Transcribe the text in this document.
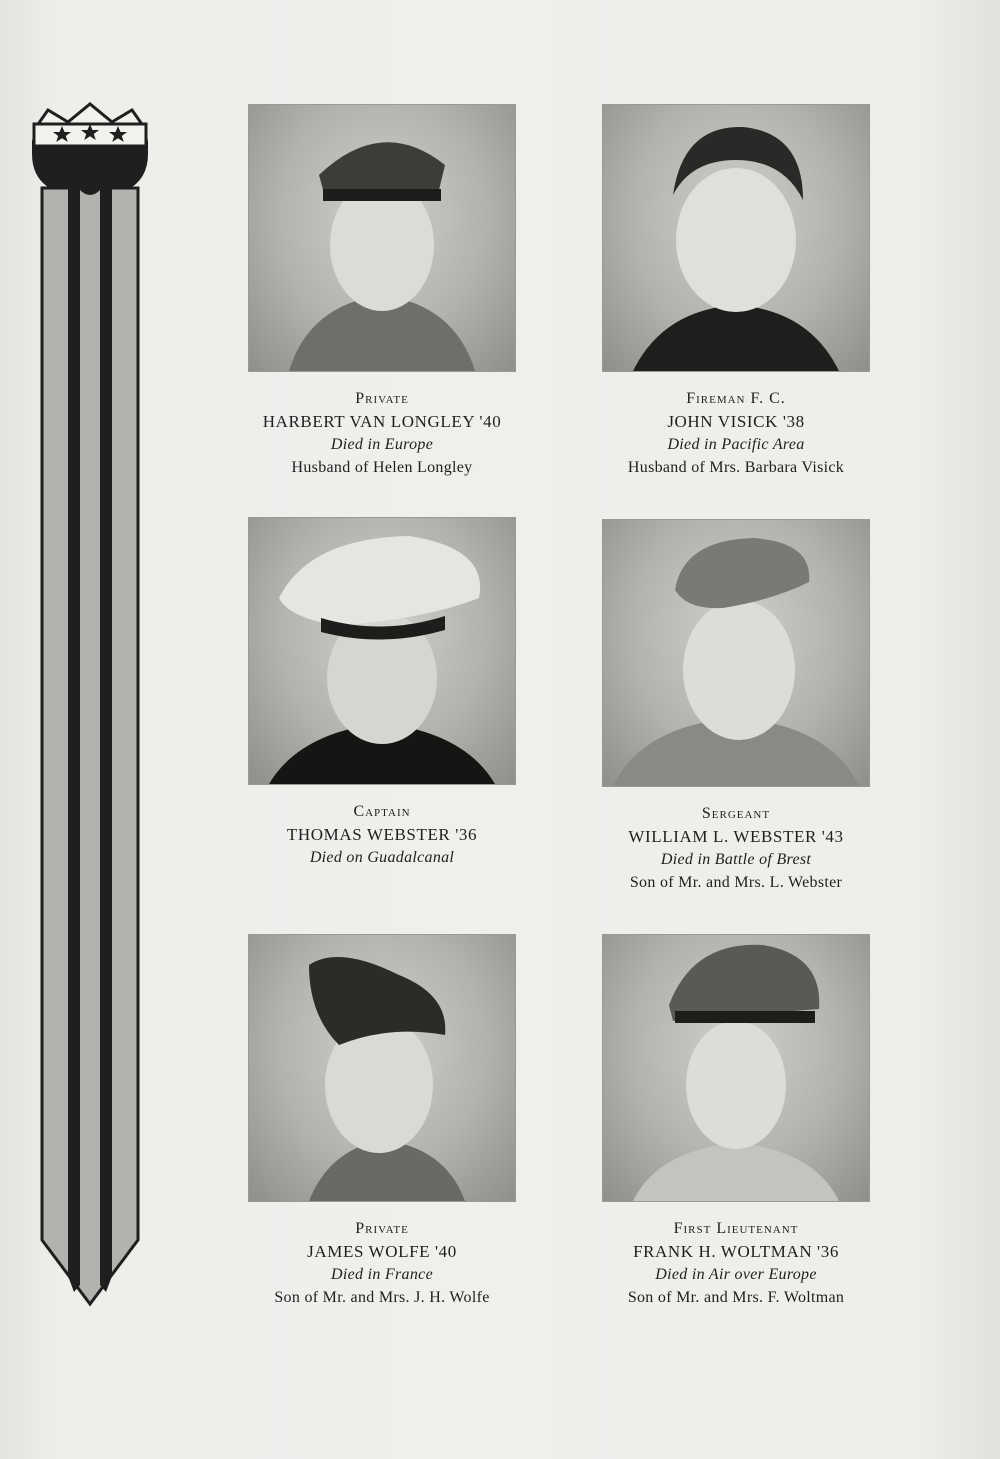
Private
HARBERT VAN LONGLEY '40
Died in Europe
Husband of Helen Longley
Fireman F. C.
JOHN VISICK '38
Died in Pacific Area
Husband of Mrs. Barbara Visick
Captain
THOMAS WEBSTER '36
Died on Guadalcanal
Sergeant
WILLIAM L. WEBSTER '43
Died in Battle of Brest
Son of Mr. and Mrs. L. Webster
Private
JAMES WOLFE '40
Died in France
Son of Mr. and Mrs. J. H. Wolfe
First Lieutenant
FRANK H. WOLTMAN '36
Died in Air over Europe
Son of Mr. and Mrs. F. Woltman
